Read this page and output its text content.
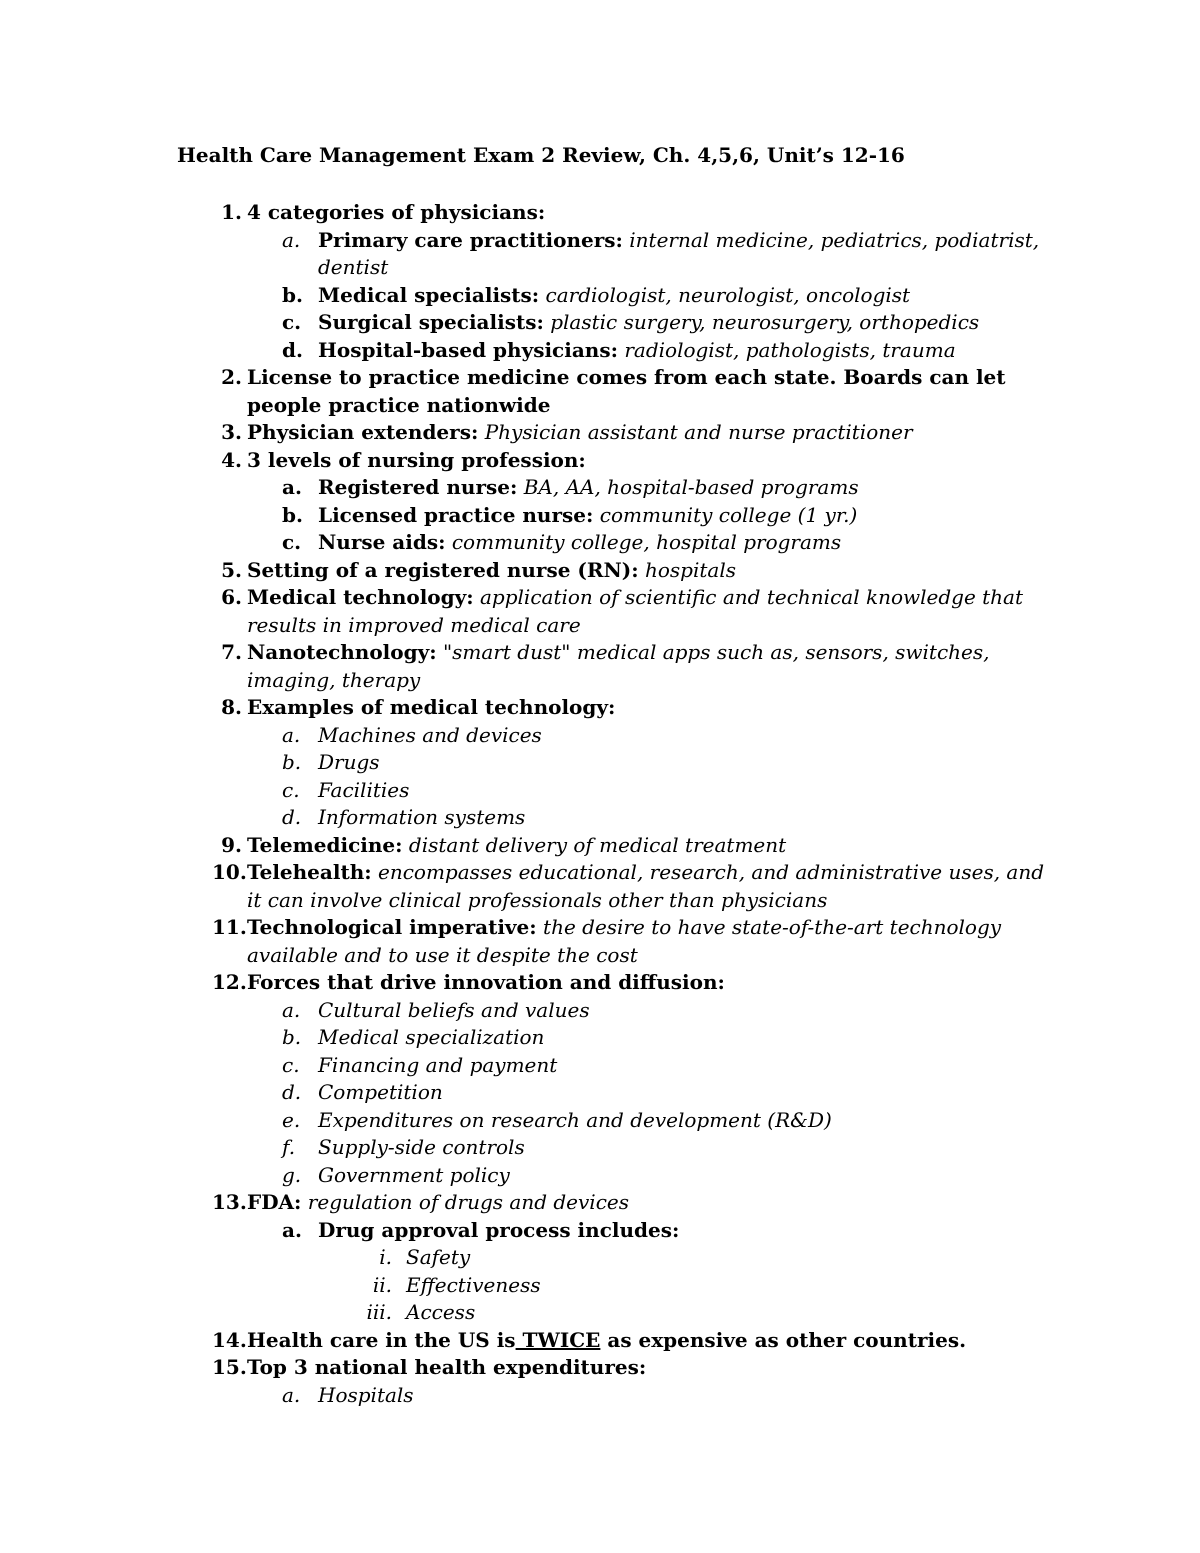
Health Care Management Exam 2 Review, Ch. 4,5,6, Unit’s 12-16
1. 4 categories of physicians:
a. Primary care practitioners: internal medicine, pediatrics, podiatrist,
dentist
b. Medical specialists: cardiologist, neurologist, oncologist
c. Surgical specialists: plastic surgery, neurosurgery, orthopedics
d. Hospital-based physicians: radiologist, pathologists, trauma
2. License to practice medicine comes from each state. Boards can let
people practice nationwide
3. Physician extenders: Physician assistant and nurse practitioner
4. 3 levels of nursing profession:
a. Registered nurse: BA, AA, hospital-based programs
b. Licensed practice nurse: community college (1 yr.)
c. Nurse aids: community college, hospital programs
5. Setting of a registered nurse (RN): hospitals
6. Medical technology: application of scientific and technical knowledge that
results in improved medical care
7. Nanotechnology: "smart dust" medical apps such as, sensors, switches,
imaging, therapy
8. Examples of medical technology:
a. Machines and devices
b. Drugs
c. Facilities
d. Information systems
9. Telemedicine: distant delivery of medical treatment
10. Telehealth: encompasses educational, research, and administrative uses, and
it can involve clinical professionals other than physicians
11. Technological imperative: the desire to have state-of-the-art technology
available and to use it despite the cost
12. Forces that drive innovation and diffusion:
a. Cultural beliefs and values
b. Medical specialization
c. Financing and payment
d. Competition
e. Expenditures on research and development (R&D)
f.	Supply-side controls
g. Government policy
13. FDA: regulation of drugs and devices
a. Drug approval process includes:
i. Safety
ii. Effectiveness
iii. Access
14. Health care in the US is TWICE as expensive as other countries.
15. Top 3 national health expenditures:
a. Hospitals
